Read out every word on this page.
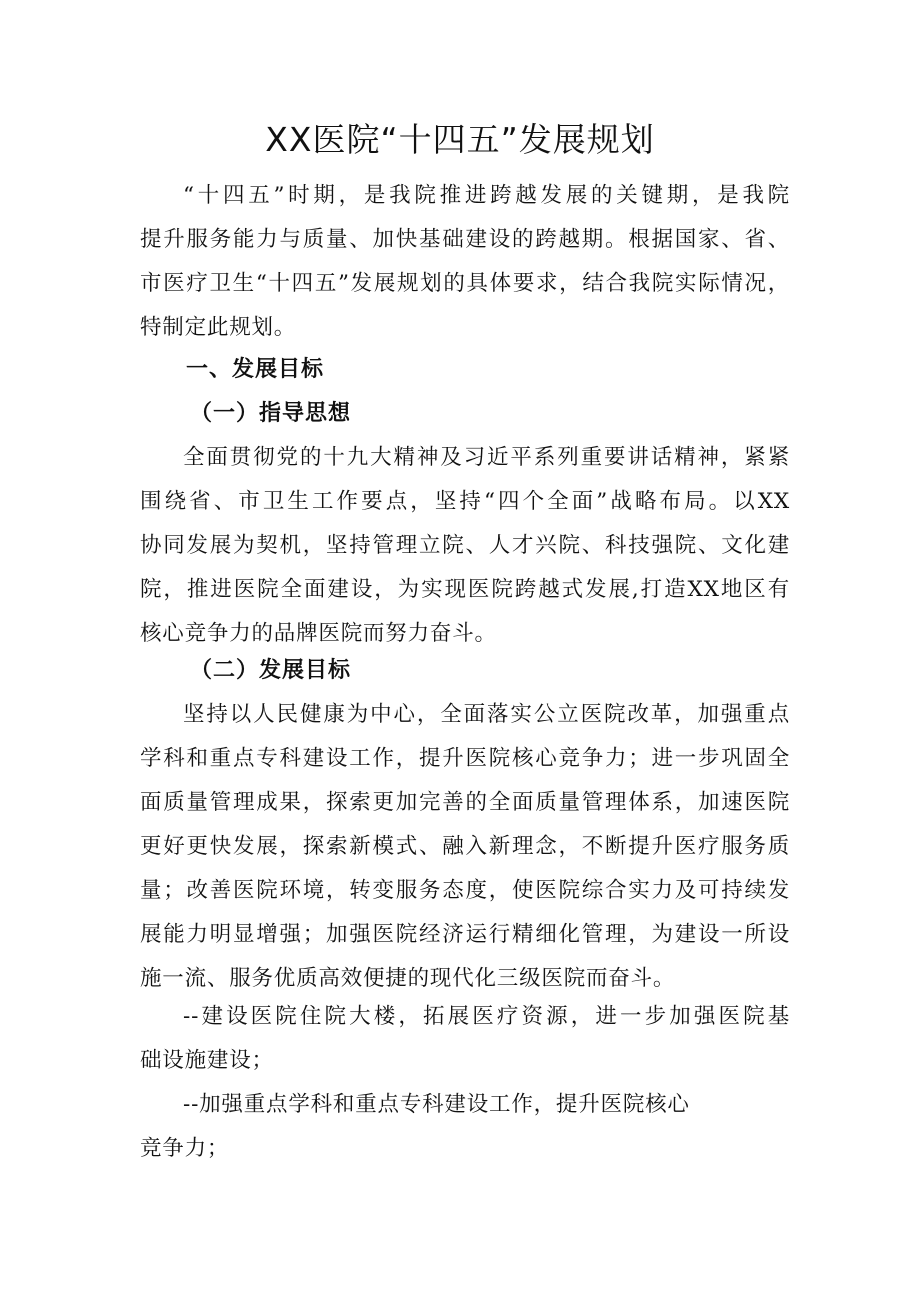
XX医院“十四五”发展规划
“十四五”时期，是我院推进跨越发展的关键期，是我院
提升服务能力与质量、加快基础建设的跨越期。根据国家、省、
市医疗卫生“十四五”发展规划的具体要求，结合我院实际情况，
特制定此规划。
一、发展目标
（一）指导思想
全面贯彻党的十九大精神及习近平系列重要讲话精神，紧紧
围绕省、市卫生工作要点，坚持“四个全面”战略布局。以XX
协同发展为契机，坚持管理立院、人才兴院、科技强院、文化建
院，推进医院全面建设，为实现医院跨越式发展,打造XX地区有
核心竞争力的品牌医院而努力奋斗。
（二）发展目标
坚持以人民健康为中心，全面落实公立医院改革，加强重点
学科和重点专科建设工作，提升医院核心竞争力；进一步巩固全
面质量管理成果，探索更加完善的全面质量管理体系，加速医院
更好更快发展，探索新模式、融入新理念，不断提升医疗服务质
量；改善医院环境，转变服务态度，使医院综合实力及可持续发
展能力明显增强；加强医院经济运行精细化管理，为建设一所设
施一流、服务优质高效便捷的现代化三级医院而奋斗。
--建设医院住院大楼，拓展医疗资源，进一步加强医院基
础设施建设；
--加强重点学科和重点专科建设工作，提升医院核心
竞争力；
